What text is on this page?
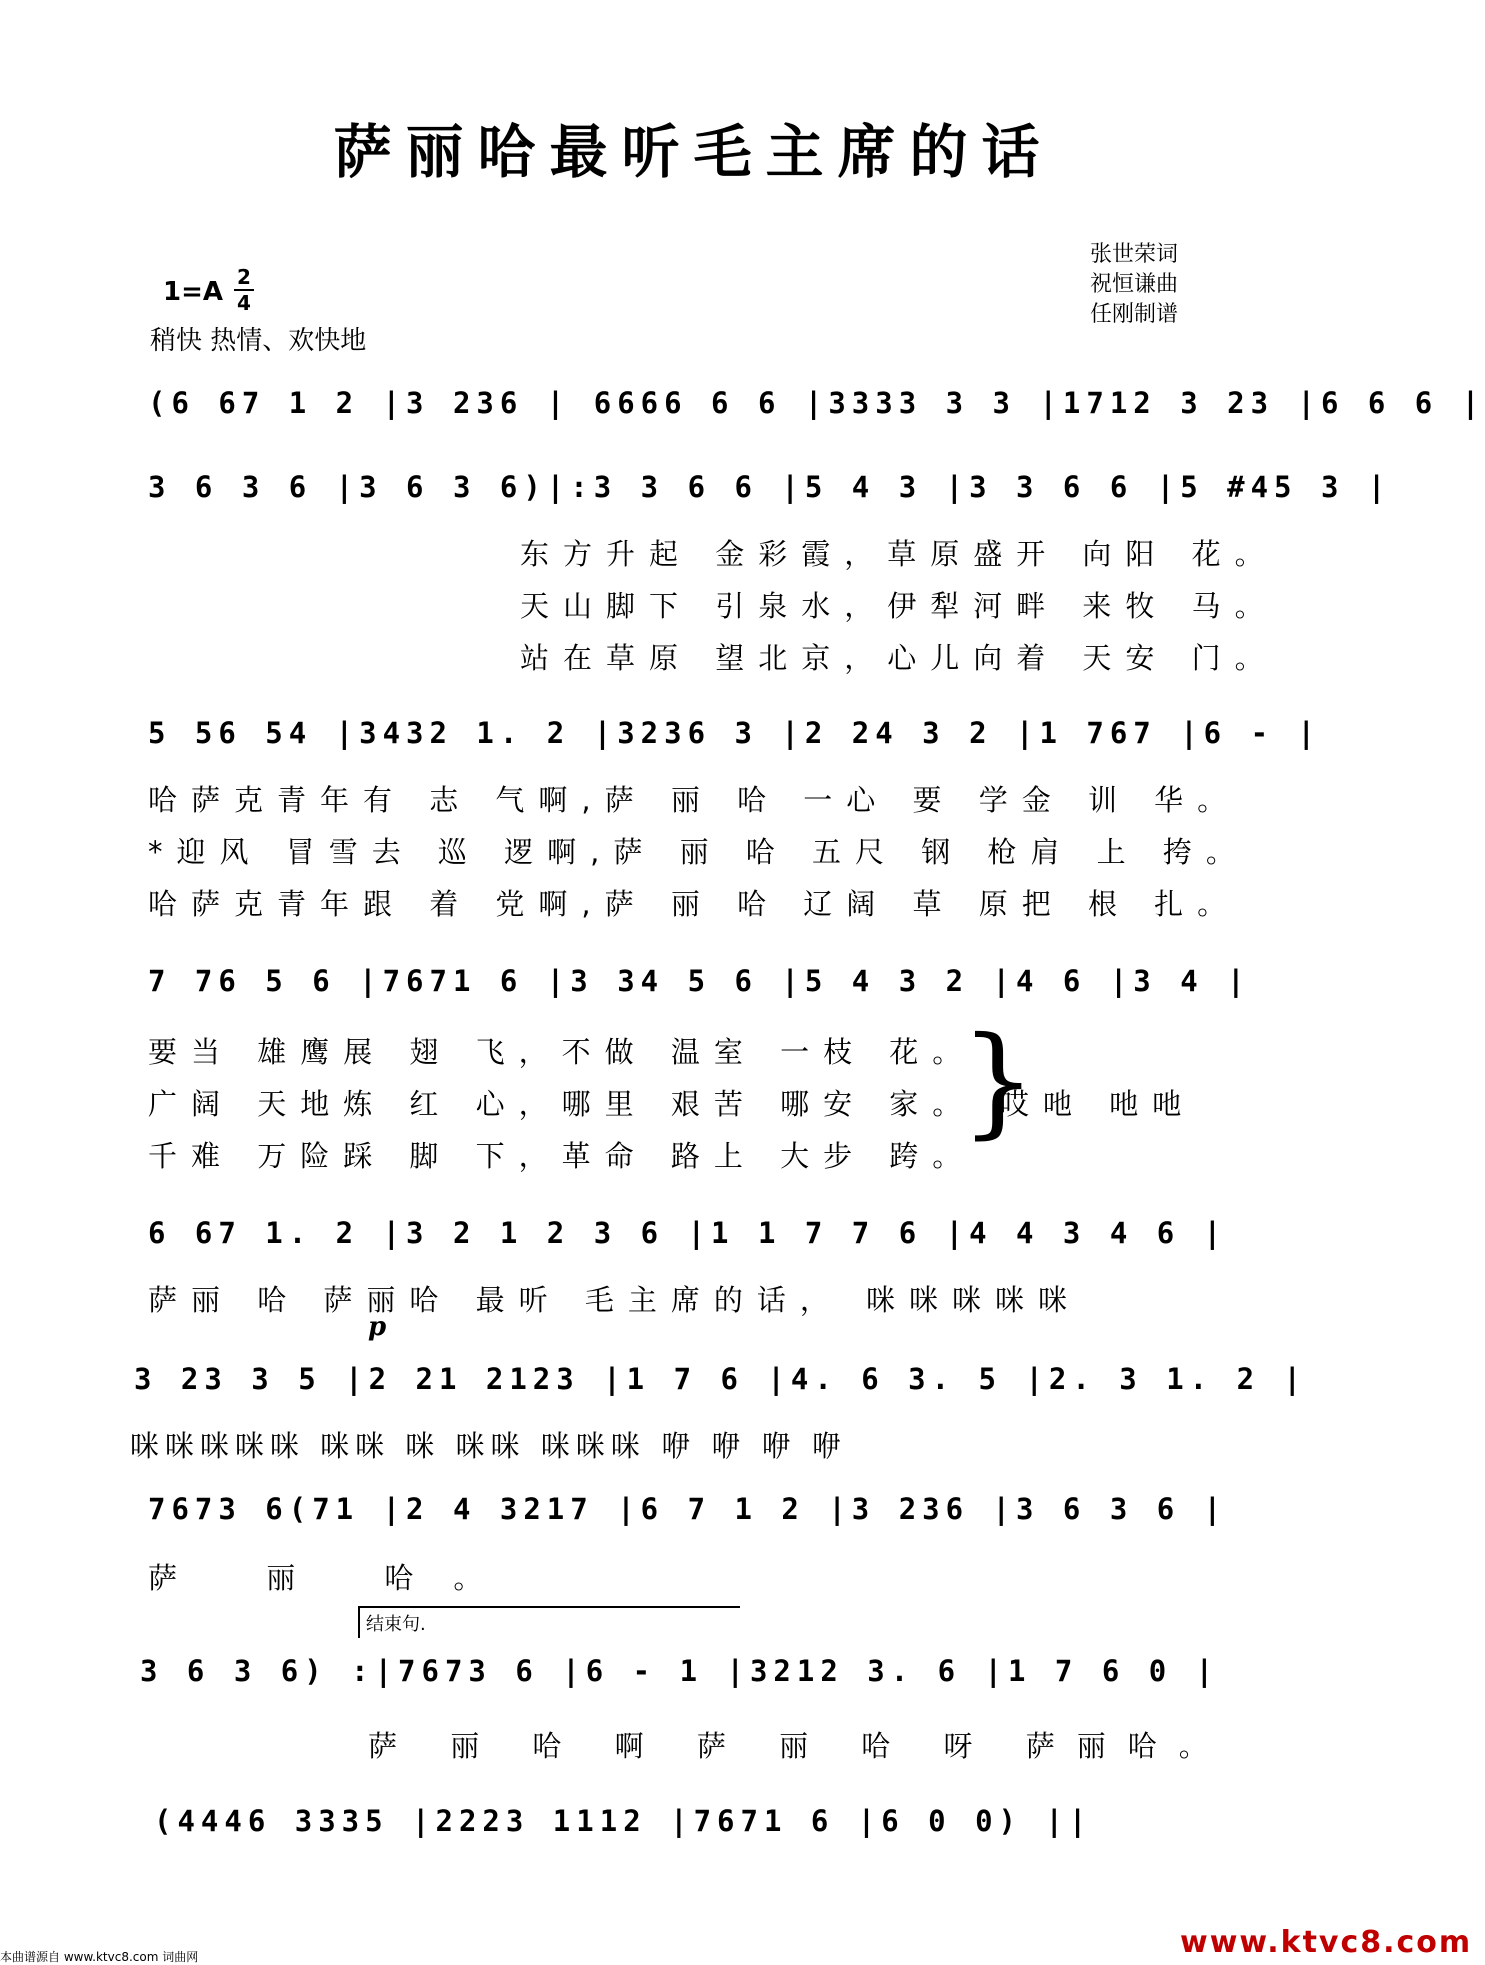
萨丽哈最听毛主席的话
张世荣词
祝恒谦曲
任刚制谱
1=A 2
4
稍快 热情、欢快地
(6 67 1 2 |3 236 | 6666 6 6 |3333 3 3 |1712 3 23 |6 6 6 |
3 6 3 6 |3 6 3 6)|:3 3 6 6 |5 4 3 |3 3 6 6 |5 #45 3 |
东方升起 金彩霞，草原盛开 向阳 花。
天山脚下 引泉水，伊犁河畔 来牧 马。
站在草原 望北京，心儿向着 天安 门。
5 56 54 |3432 1. 2 |3236 3 |2 24 3 2 |1 767 |6 - |
哈萨克青年有 志 气啊,萨 丽 哈 一心 要 学金 训 华。
*迎风 冒雪去 巡 逻啊,萨 丽 哈 五尺 钢 枪肩 上 挎。
哈萨克青年跟 着 党啊,萨 丽 哈 辽阔 草 原把 根 扎。
7 76 5 6 |7671 6 |3 34 5 6 |5 4 3 2 |4 6 |3 4 |
要当 雄鹰展 翅 飞，不做 温室 一枝 花。
广阔 天地炼 红 心，哪里 艰苦 哪安 家。
千难 万险踩 脚 下，革命 路上 大步 跨。
}
哎吔 吔吔
6 67 1. 2 |3 2 1 2 3 6 |1 1 7 7 6 |4 4 3 4 6 |
萨丽 哈 萨丽哈 最听 毛主席的话， 咪咪咪咪咪
p
3 23 3 5 |2 21 2123 |1 7 6 |4. 6 3. 5 |2. 3 1. 2 |
咪咪咪咪咪 咪咪 咪 咪咪 咪咪咪 咿 咿 咿 咿
7673 6(71 |2 4 3217 |6 7 1 2 |3 236 |3 6 3 6 |
萨 丽 哈。
结束句.
3 6 3 6) :|7673 6 |6 - 1 |3212 3. 6 |1 7 6 0 |
萨 丽 哈 啊 萨 丽 哈 呀 萨丽哈。
(4446 3335 |2223 1112 |7671 6 |6 0 0) ||
本曲谱源自 www.ktvc8.com 词曲网	www.ktvc8.com
